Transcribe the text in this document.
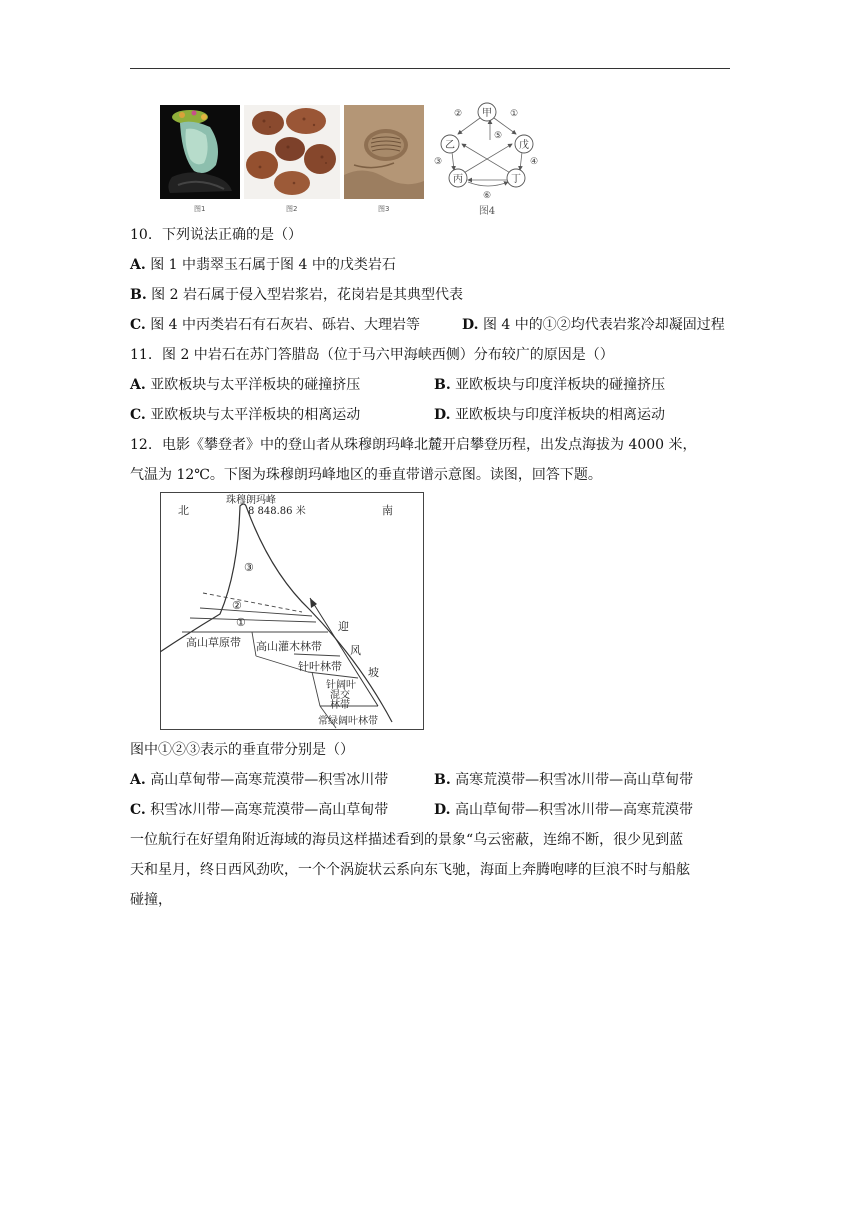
图1	图2	图3
甲
乙
丙	丁
戊
①
②
③	④
⑤
⑥
图4
10. 下列说法正确的是（）
A. 图 1 中翡翠玉石属于图 4 中的戊类岩石
B. 图 2 岩石属于侵入型岩浆岩，花岗岩是其典型代表
C. 图 4 中丙类岩石有石灰岩、砾岩、大理岩等	D. 图 4 中的①②均代表岩浆冷却凝固过程
11. 图 2 中岩石在苏门答腊岛（位于马六甲海峡西侧）分布较广的原因是（）
A. 亚欧板块与太平洋板块的碰撞挤压	B. 亚欧板块与印度洋板块的碰撞挤压
C. 亚欧板块与太平洋板块的相离运动	D. 亚欧板块与印度洋板块的相离运动
12. 电影《攀登者》中的登山者从珠穆朗玛峰北麓开启攀登历程，出发点海拔为 4000 米，
气温为 12℃。下图为珠穆朗玛峰地区的垂直带谱示意图。读图，回答下题。
北	南
珠穆朗玛峰
8 848.86 米
③
②
①
高山草原带 高山灌木林带
针叶林带
针阔叶
混交
林带
常绿阔叶林带
迎
风
坡
图中①②③表示的垂直带分别是（）
A. 高山草甸带—高寒荒漠带—积雪冰川带	B. 高寒荒漠带—积雪冰川带—高山草甸带
C. 积雪冰川带—高寒荒漠带—高山草甸带	D. 高山草甸带—积雪冰川带—高寒荒漠带
一位航行在好望角附近海域的海员这样描述看到的景象“乌云密蔽，连绵不断，很少见到蓝
天和星月，终日西风劲吹，一个个涡旋状云系向东飞驰，海面上奔腾咆哮的巨浪不时与船舷
碰撞，
